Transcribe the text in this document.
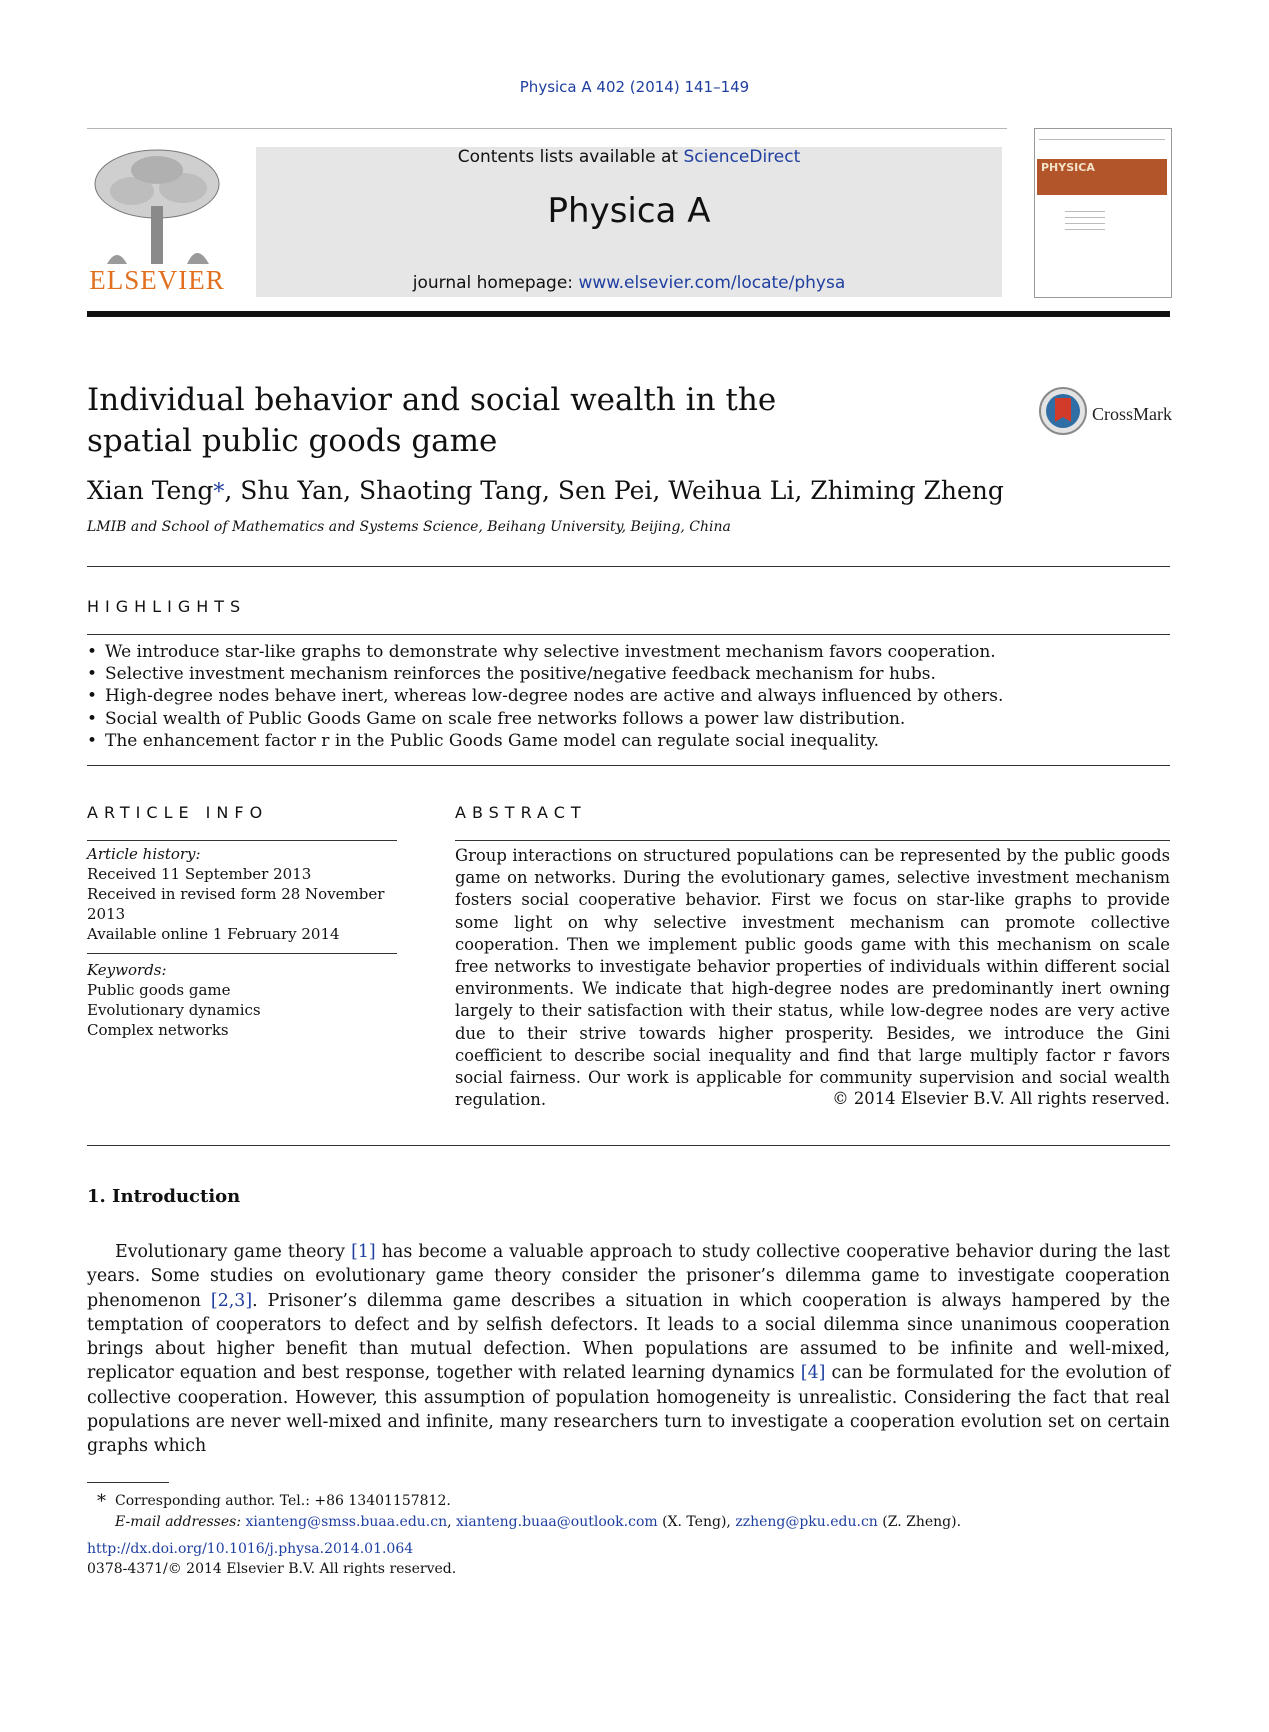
Physica A 402 (2014) 141–149
ELSEVIER
Contents lists available at ScienceDirect
Physica A
journal homepage: www.elsevier.com/locate/physa
PHYSICA
Individual behavior and social wealth in the spatial public goods game
CrossMark
Xian Teng*, Shu Yan, Shaoting Tang, Sen Pei, Weihua Li, Zhiming Zheng
LMIB and School of Mathematics and Systems Science, Beihang University, Beijing, China
HIGHLIGHTS
• We introduce star-like graphs to demonstrate why selective investment mechanism favors cooperation.
• Selective investment mechanism reinforces the positive/negative feedback mechanism for hubs.
• High-degree nodes behave inert, whereas low-degree nodes are active and always influenced by others.
• Social wealth of Public Goods Game on scale free networks follows a power law distribution.
• The enhancement factor r in the Public Goods Game model can regulate social inequality.
ARTICLE INFO
Article history:
Received 11 September 2013
Received in revised form 28 November 2013
Available online 1 February 2014
Keywords:
Public goods game
Evolutionary dynamics
Complex networks
ABSTRACT
Group interactions on structured populations can be represented by the public goods game on networks. During the evolutionary games, selective investment mechanism fosters social cooperative behavior. First we focus on star-like graphs to provide some light on why selective investment mechanism can promote collective cooperation. Then we implement public goods game with this mechanism on scale free networks to investigate behavior properties of individuals within different social environments. We indicate that high-degree nodes are predominantly inert owning largely to their satisfaction with their status, while low-degree nodes are very active due to their strive towards higher prosperity. Besides, we introduce the Gini coefficient to describe social inequality and find that large multiply factor r favors social fairness. Our work is applicable for community supervision and social wealth regulation.	© 2014 Elsevier B.V. All rights reserved.
1. Introduction

Evolutionary game theory [1] has become a valuable approach to study collective cooperative behavior during the last years. Some studies on evolutionary game theory consider the prisoner’s dilemma game to investigate cooperation phenomenon [2,3]. Prisoner’s dilemma game describes a situation in which cooperation is always hampered by the temptation of cooperators to defect and by selfish defectors. It leads to a social dilemma since unanimous cooperation brings about higher benefit than mutual defection. When populations are assumed to be infinite and well-mixed, replicator equation and best response, together with related learning dynamics [4] can be formulated for the evolution of collective cooperation. However, this assumption of population homogeneity is unrealistic. Considering the fact that real populations are never well-mixed and infinite, many researchers turn to investigate a cooperation evolution set on certain graphs which

* Corresponding author. Tel.: +86 13401157812.
E-mail addresses: xianteng@smss.buaa.edu.cn, xianteng.buaa@outlook.com (X. Teng), zzheng@pku.edu.cn (Z. Zheng).
http://dx.doi.org/10.1016/j.physa.2014.01.064
0378-4371/© 2014 Elsevier B.V. All rights reserved.
